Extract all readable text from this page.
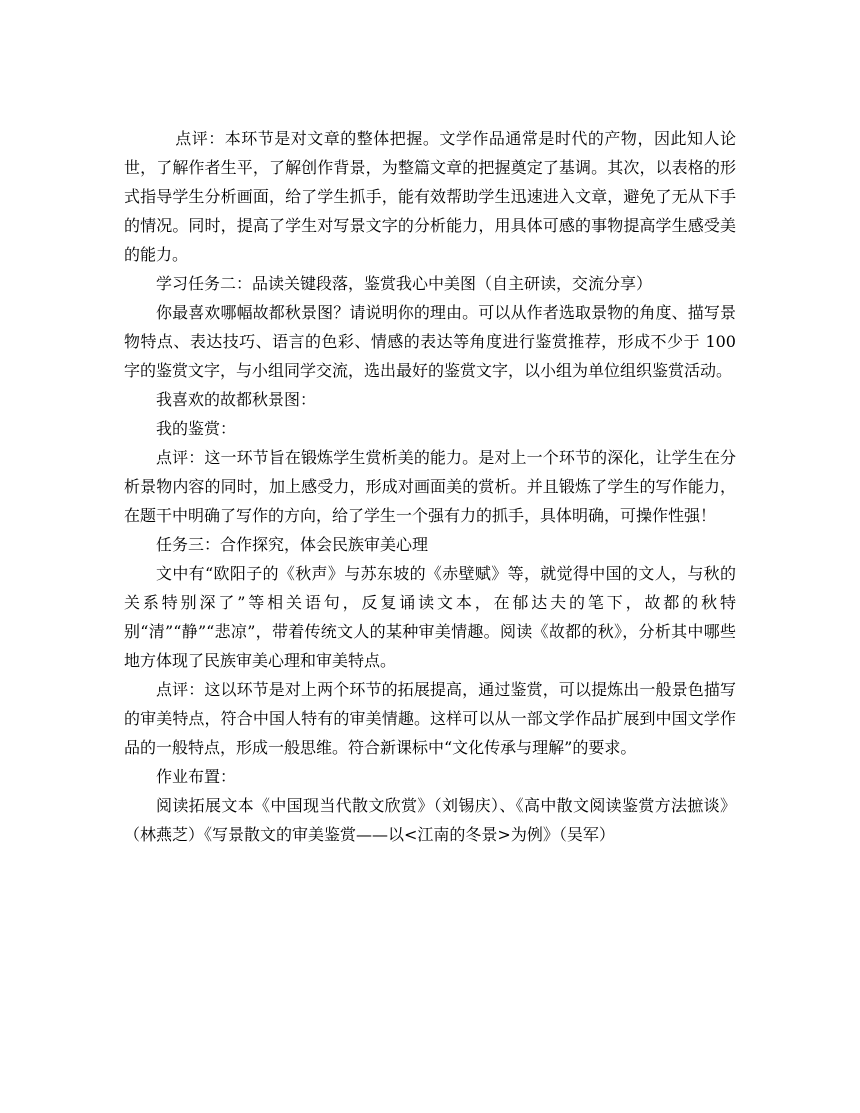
点评：本环节是对文章的整体把握。文学作品通常是时代的产物，因此知人论世，了解作者生平，了解创作背景，为整篇文章的把握奠定了基调。其次，以表格的形式指导学生分析画面，给了学生抓手，能有效帮助学生迅速进入文章，避免了无从下手的情况。同时，提高了学生对写景文字的分析能力，用具体可感的事物提高学生感受美的能力。

学习任务二：品读关键段落，鉴赏我心中美图（自主研读，交流分享）

你最喜欢哪幅故都秋景图？请说明你的理由。可以从作者选取景物的角度、描写景物特点、表达技巧、语言的色彩、情感的表达等角度进行鉴赏推荐，形成不少于 100 字的鉴赏文字，与小组同学交流，选出最好的鉴赏文字，以小组为单位组织鉴赏活动。

我喜欢的故都秋景图：

我的鉴赏：

点评：这一环节旨在锻炼学生赏析美的能力。是对上一个环节的深化，让学生在分析景物内容的同时，加上感受力，形成对画面美的赏析。并且锻炼了学生的写作能力，在题干中明确了写作的方向，给了学生一个强有力的抓手，具体明确，可操作性强！

任务三：合作探究，体会民族审美心理

文中有“欧阳子的《秋声》与苏东坡的《赤壁赋》等，就觉得中国的文人，与秋的关系特别深了”等相关语句，反复诵读文本，在郁达夫的笔下，故都的秋特别“清”“静”“悲凉”，带着传统文人的某种审美情趣。阅读《故都的秋》，分析其中哪些地方体现了民族审美心理和审美特点。

点评：这以环节是对上两个环节的拓展提高，通过鉴赏，可以提炼出一般景色描写的审美特点，符合中国人特有的审美情趣。这样可以从一部文学作品扩展到中国文学作品的一般特点，形成一般思维。符合新课标中“文化传承与理解”的要求。

作业布置：

阅读拓展文本《中国现当代散文欣赏》（刘锡庆）、《高中散文阅读鉴赏方法摭谈》（林燕芝）《写景散文的审美鉴赏——以<江南的冬景>为例》（吴军）
